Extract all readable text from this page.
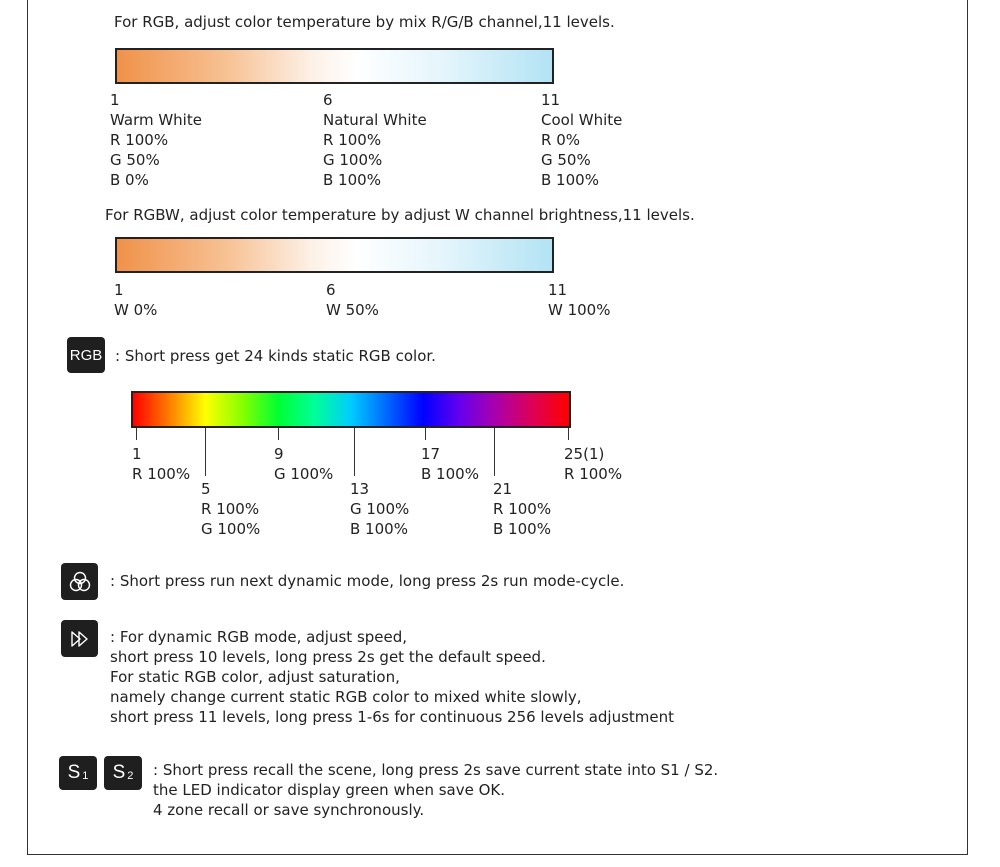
For RGB, adjust color temperature by mix R/G/B channel,11 levels.
1
Warm White
R 100%
G 50%
B 0%
6
Natural White
R 100%
G 100%
B 100%
11
Cool White
R 0%
G 50%
B 100%
For RGBW, adjust color temperature by adjust W channel brightness,11 levels.
1
W 0%
6
W 50%
11
W 100%
RGB : Short press get 24 kinds static RGB color.
1
R 100%
9
G 100%
17
B 100%
25(1)
R 100%
5
R 100%
G 100%
13
G 100%
B 100%
21
R 100%
B 100%
: Short press run next dynamic mode, long press 2s run mode-cycle.
: For dynamic RGB mode, adjust speed,
short press 10 levels, long press 2s get the default speed.
For static RGB color, adjust saturation,
namely change current static RGB color to mixed white slowly,
short press 11 levels, long press 1-6s for continuous 256 levels adjustment
S 1 S 2 : Short press recall the scene, long press 2s save current state into S1 / S2.
the LED indicator display green when save OK.
4 zone recall or save synchronously.
